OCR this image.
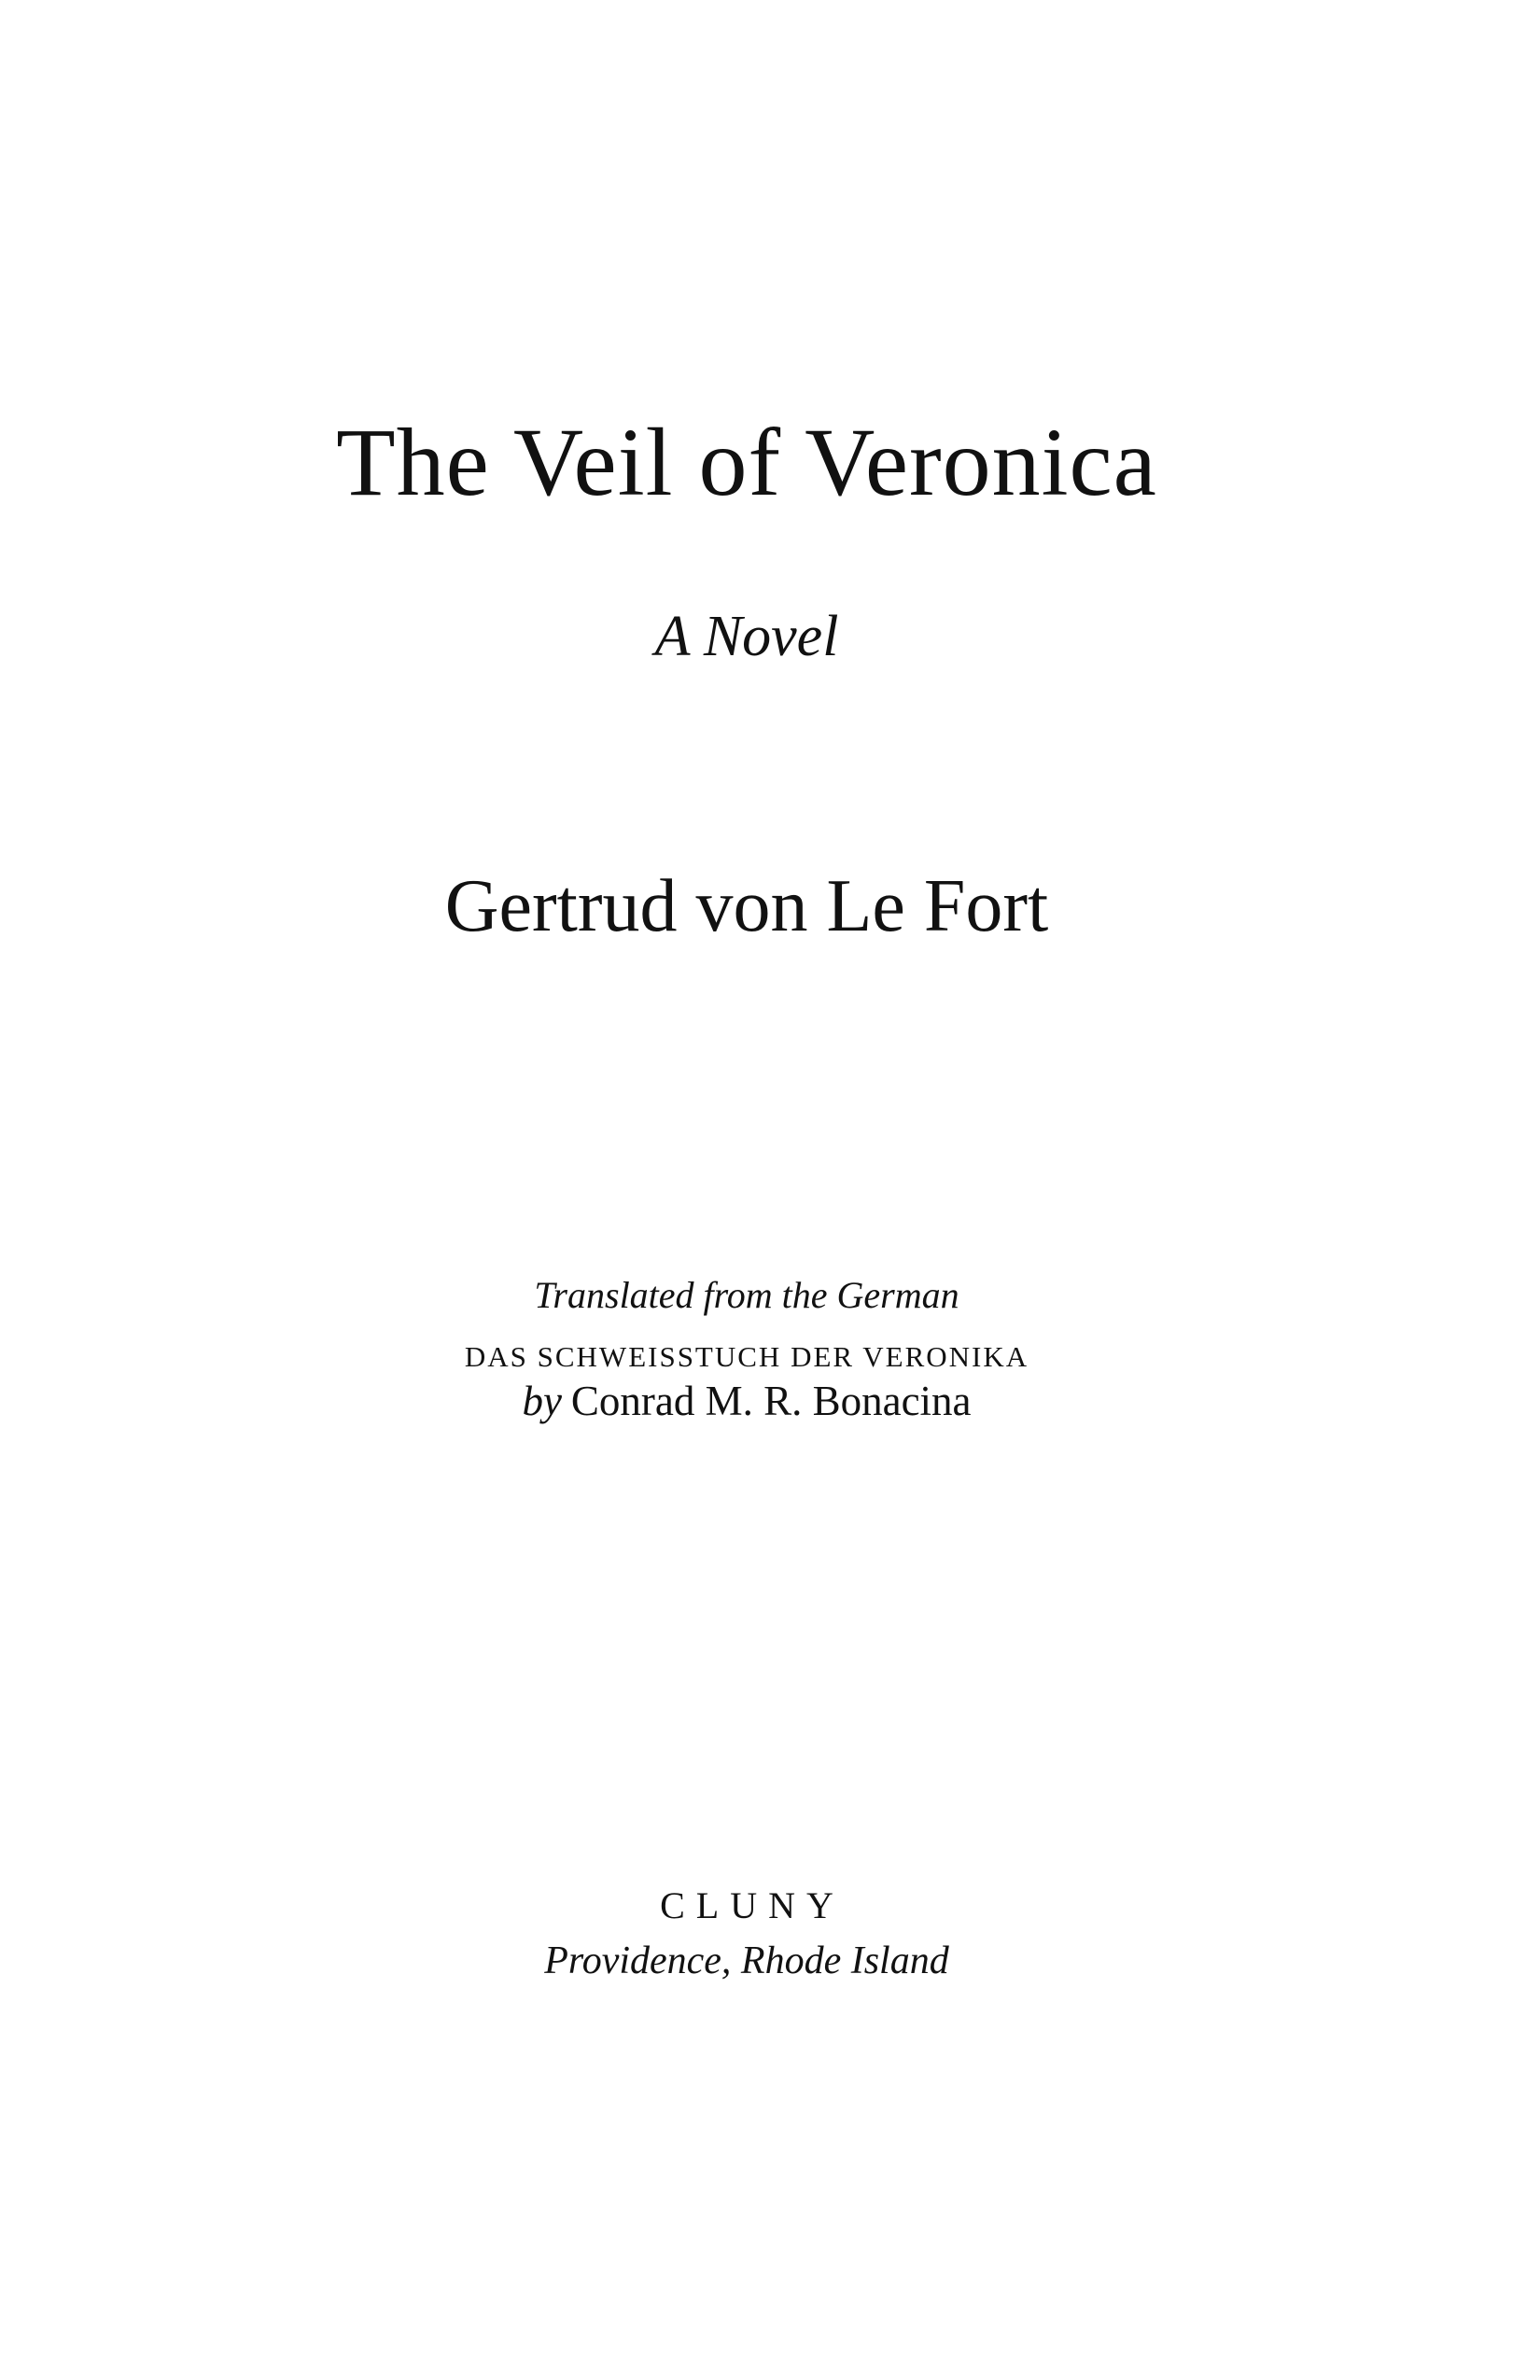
The Veil of Veronica
A Novel
Gertrud von Le Fort
Translated from the German
DAS SCHWEISSTUCH DER VERONIKA
by Conrad M. R. Bonacina
CLUNY
Providence, Rhode Island
